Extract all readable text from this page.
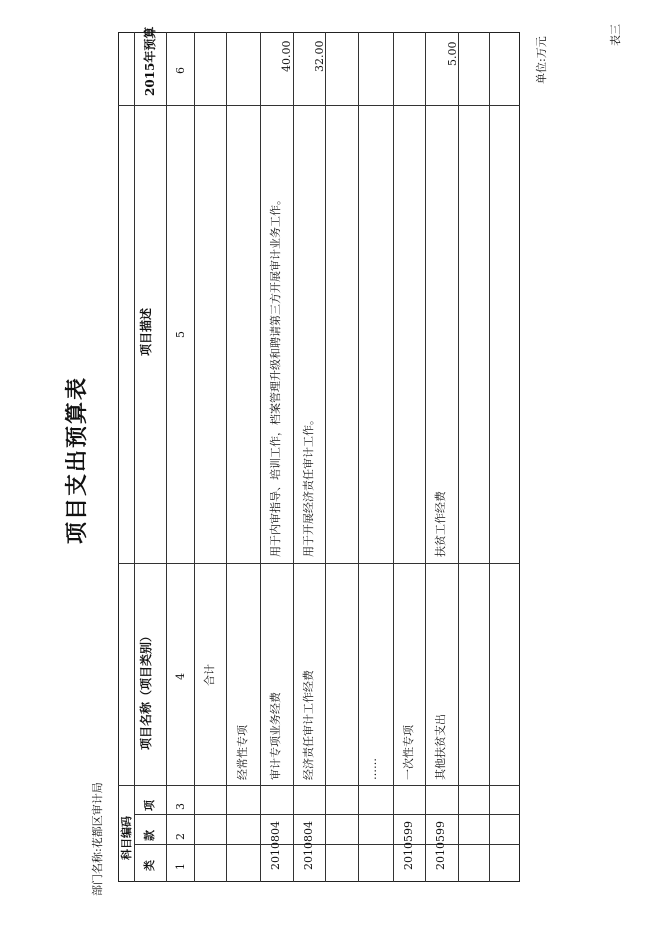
表三
单位:万元
项目支出预算表
部门名称:花都区审计局 科目编码
类
款
项
项目名称（项目类别）
项目描述
2015年预算
1
2
3
4
5
6
合计
经常性专项
2010804
审计专项业务经费
用于内审指导、培训工作，档案管理升级和聘请第三方开展审计业务工作。
40.00
2010804
经济责任审计工作经费
用于开展经济责任审计工作。
32.00
……
2010599
一次性专项
2010599
其他扶贫支出
扶贫工作经费
5.00
